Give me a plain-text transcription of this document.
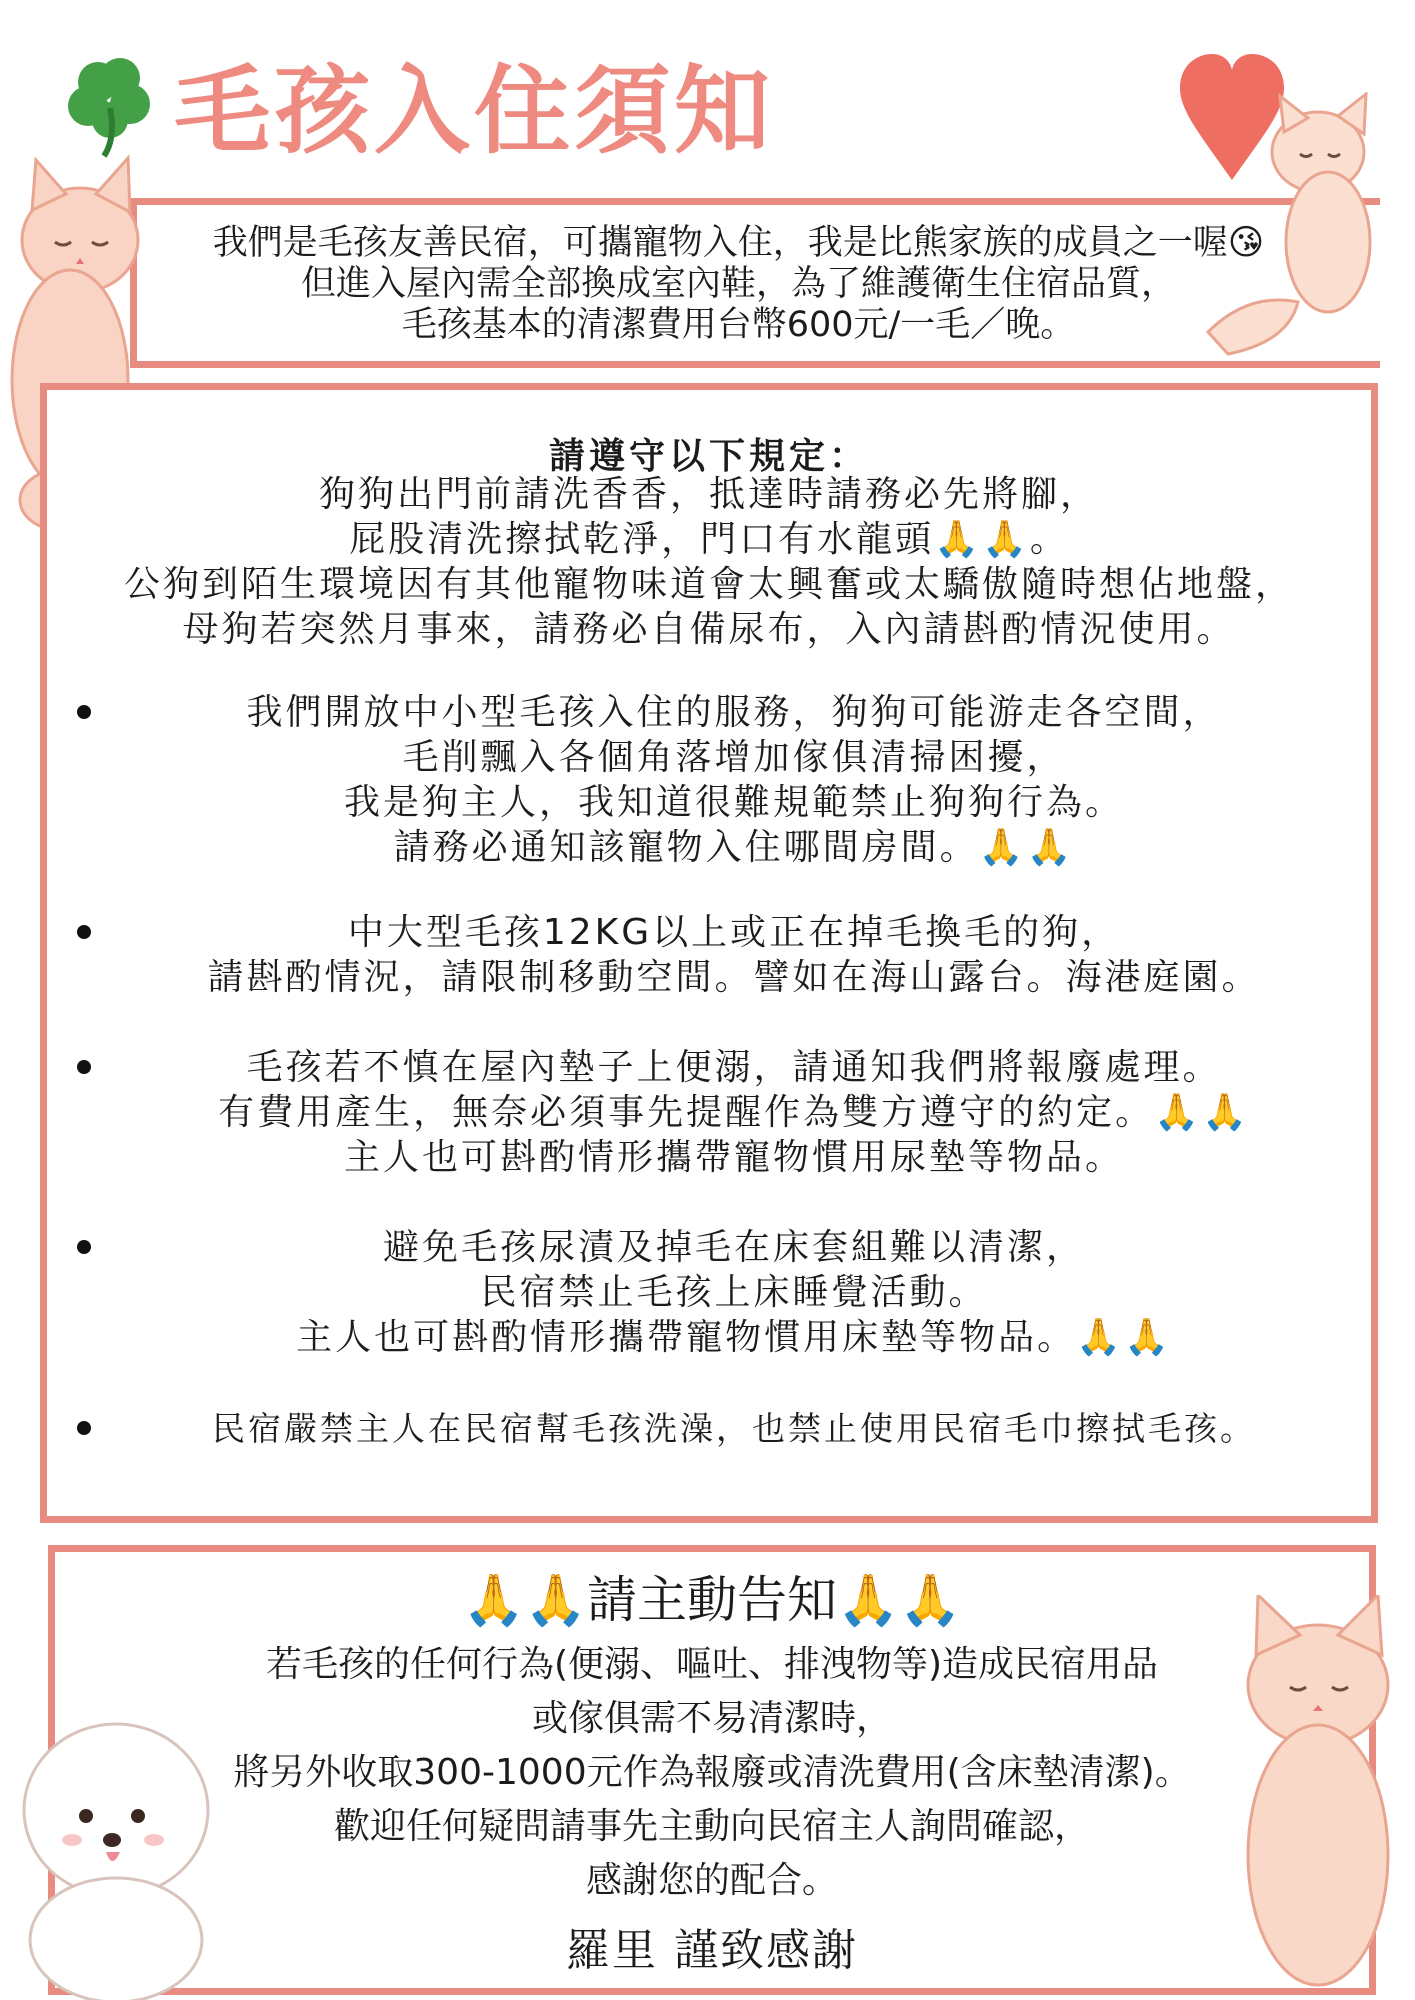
毛孩入住須知
我們是毛孩友善民宿，可攜寵物入住，我是比熊家族的成員之一喔😘
但進入屋內需全部換成室內鞋，為了維護衛生住宿品質，
毛孩基本的清潔費用台幣600元/一毛／晚。
請遵守以下規定：
狗狗出門前請洗香香，抵達時請務必先將腳，
屁股清洗擦拭乾淨，門口有水龍頭🙏🙏。
公狗到陌生環境因有其他寵物味道會太興奮或太驕傲隨時想佔地盤，
母狗若突然月事來，請務必自備尿布，入內請斟酌情況使用。
我們開放中小型毛孩入住的服務，狗狗可能游走各空間，
毛削飄入各個角落增加傢俱清掃困擾，
我是狗主人，我知道很難規範禁止狗狗行為。
請務必通知該寵物入住哪間房間。🙏🙏
中大型毛孩12KG以上或正在掉毛換毛的狗，
請斟酌情況，請限制移動空間。譬如在海山露台。海港庭園。
毛孩若不慎在屋內墊子上便溺，請通知我們將報廢處理。
有費用產生，無奈必須事先提醒作為雙方遵守的約定。🙏🙏
主人也可斟酌情形攜帶寵物慣用尿墊等物品。
避免毛孩尿漬及掉毛在床套組難以清潔，
民宿禁止毛孩上床睡覺活動。
主人也可斟酌情形攜帶寵物慣用床墊等物品。🙏🙏
民宿嚴禁主人在民宿幫毛孩洗澡，也禁止使用民宿毛巾擦拭毛孩。
🙏🙏請主動告知🙏🙏
若毛孩的任何行為(便溺、嘔吐、排洩物等)造成民宿用品
或傢俱需不易清潔時，
將另外收取300-1000元作為報廢或清洗費用(含床墊清潔)。
歡迎任何疑問請事先主動向民宿主人詢問確認，
感謝您的配合。
羅里 謹致感謝
